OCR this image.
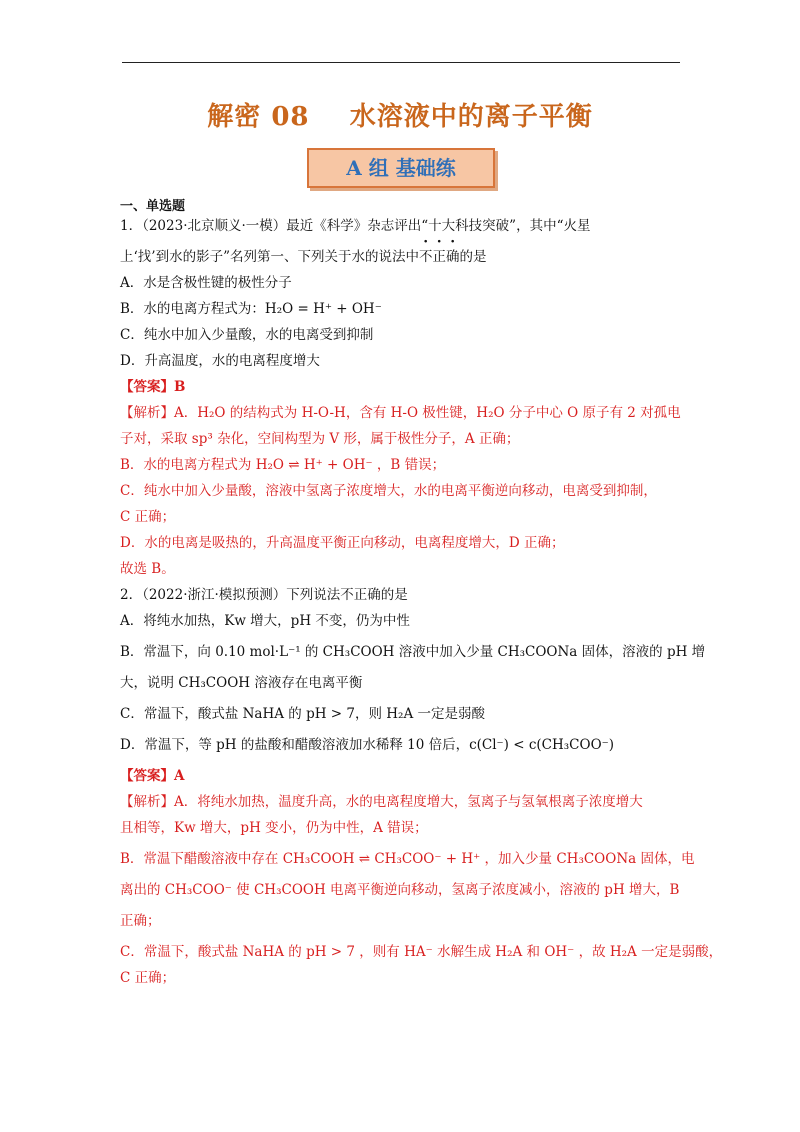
解密 08    水溶液中的离子平衡
A 组 基础练
一、单选题
1．（2023·北京顺义·一模）最近《科学》杂志评出“十大科技突破”，其中“火星
上‘找’到水的影子”名列第一、下列关于水的说法中不正确的是
A．水是含极性键的极性分子
B．水的电离方程式为：H₂O = H⁺ + OH⁻
C．纯水中加入少量酸，水的电离受到抑制
D．升高温度，水的电离程度增大
【答案】B
【解析】A．H₂O 的结构式为 H-O-H，含有 H-O 极性键，H₂O 分子中心 O 原子有 2 对孤电
子对，采取 sp³ 杂化，空间构型为 V 形，属于极性分子，A 正确；
B．水的电离方程式为 H₂O ⇌ H⁺ + OH⁻ ，B 错误；
C．纯水中加入少量酸，溶液中氢离子浓度增大，水的电离平衡逆向移动，电离受到抑制，
C 正确；
D．水的电离是吸热的，升高温度平衡正向移动，电离程度增大，D 正确；
故选 B。
2．（2022·浙江·模拟预测）下列说法不正确的是
A．将纯水加热，Kw 增大，pH 不变，仍为中性
B．常温下，向 0.10 mol·L⁻¹ 的 CH₃COOH 溶液中加入少量 CH₃COONa 固体，溶液的 pH 增
大，说明 CH₃COOH 溶液存在电离平衡
C．常温下，酸式盐 NaHA 的 pH > 7，则 H₂A 一定是弱酸
D．常温下，等 pH 的盐酸和醋酸溶液加水稀释 10 倍后，c(Cl⁻) < c(CH₃COO⁻)
【答案】A
【解析】A．将纯水加热，温度升高，水的电离程度增大，氢离子与氢氧根离子浓度增大
且相等，Kw 增大，pH 变小，仍为中性，A 错误；
B．常温下醋酸溶液中存在 CH₃COOH ⇌ CH₃COO⁻ + H⁺ ，加入少量 CH₃COONa 固体，电
离出的 CH₃COO⁻ 使 CH₃COOH 电离平衡逆向移动，氢离子浓度减小，溶液的 pH 增大，B
正确；
C．常温下，酸式盐 NaHA 的 pH > 7 ，则有 HA⁻ 水解生成 H₂A 和 OH⁻ ，故 H₂A 一定是弱酸，
C 正确；
